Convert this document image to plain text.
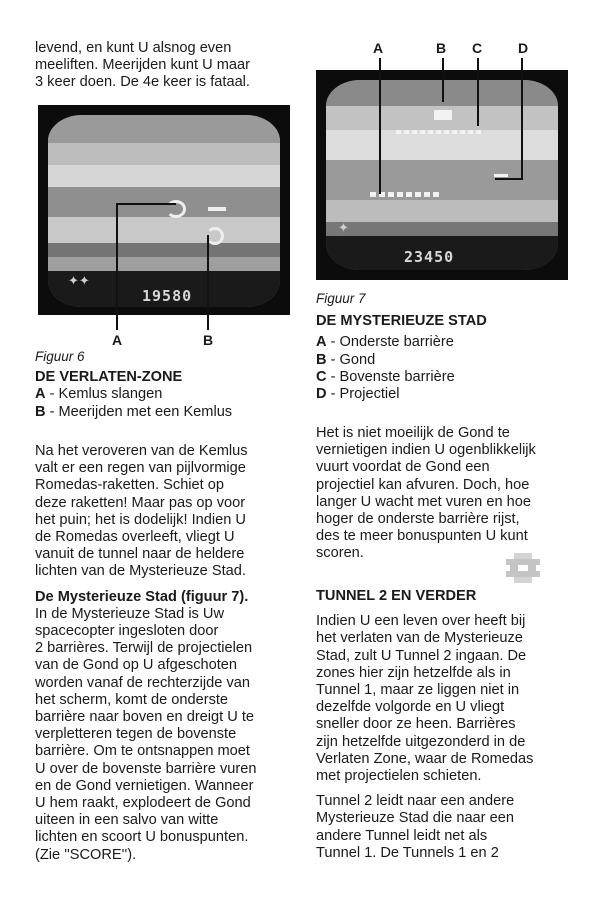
levend, en kunt U alsnog even

meeliften. Meerijden kunt U maar

3 keer doen. De 4e keer is fataal.

✦✦
19580
A	B

Figuur 6

DE VERLATEN-ZONE

A - Kemlus slangen

B - Meerijden met een Kemlus

Na het veroveren van de Kemlus

valt er een regen van pijlvormige

Romedas-raketten. Schiet op

deze raketten! Maar pas op voor

het puin; het is dodelijk! Indien U

de Romedas overleeft, vliegt U

vanuit de tunnel naar de heldere

lichten van de Mysterieuze Stad.

De Mysterieuze Stad (figuur 7).

In de Mysterieuze Stad is Uw

spacecopter ingesloten door

2 barrières. Terwijl de projectielen

van de Gond op U afgeschoten

worden vanaf de rechterzijde van

het scherm, komt de onderste

barrière naar boven en dreigt U te

verpletteren tegen de bovenste

barrière. Om te ontsnappen moet

U over de bovenste barrière vuren

en de Gond vernietigen. Wanneer

U hem raakt, explodeert de Gond

uiteen in een salvo van witte

lichten en scoort U bonuspunten.

(Zie ''SCORE'').

A	B C	D
✦
23450

Figuur 7

DE MYSTERIEUZE STAD

A - Onderste barrière

B - Gond

C - Bovenste barrière

D - Projectiel

Het is niet moeilijk de Gond te

vernietigen indien U ogenblikkelijk

vuurt voordat de Gond een

projectiel kan afvuren. Doch, hoe

langer U wacht met vuren en hoe

hoger de onderste barrière rijst,

des te meer bonuspunten U kunt

scoren.

TUNNEL 2 EN VERDER

Indien U een leven over heeft bij

het verlaten van de Mysterieuze

Stad, zult U Tunnel 2 ingaan. De

zones hier zijn hetzelfde als in

Tunnel 1, maar ze liggen niet in

dezelfde volgorde en U vliegt

sneller door ze heen. Barrières

zijn hetzelfde uitgezonderd in de

Verlaten Zone, waar de Romedas

met projectielen schieten.

Tunnel 2 leidt naar een andere

Mysterieuze Stad die naar een

andere Tunnel leidt net als

Tunnel 1. De Tunnels 1 en 2
